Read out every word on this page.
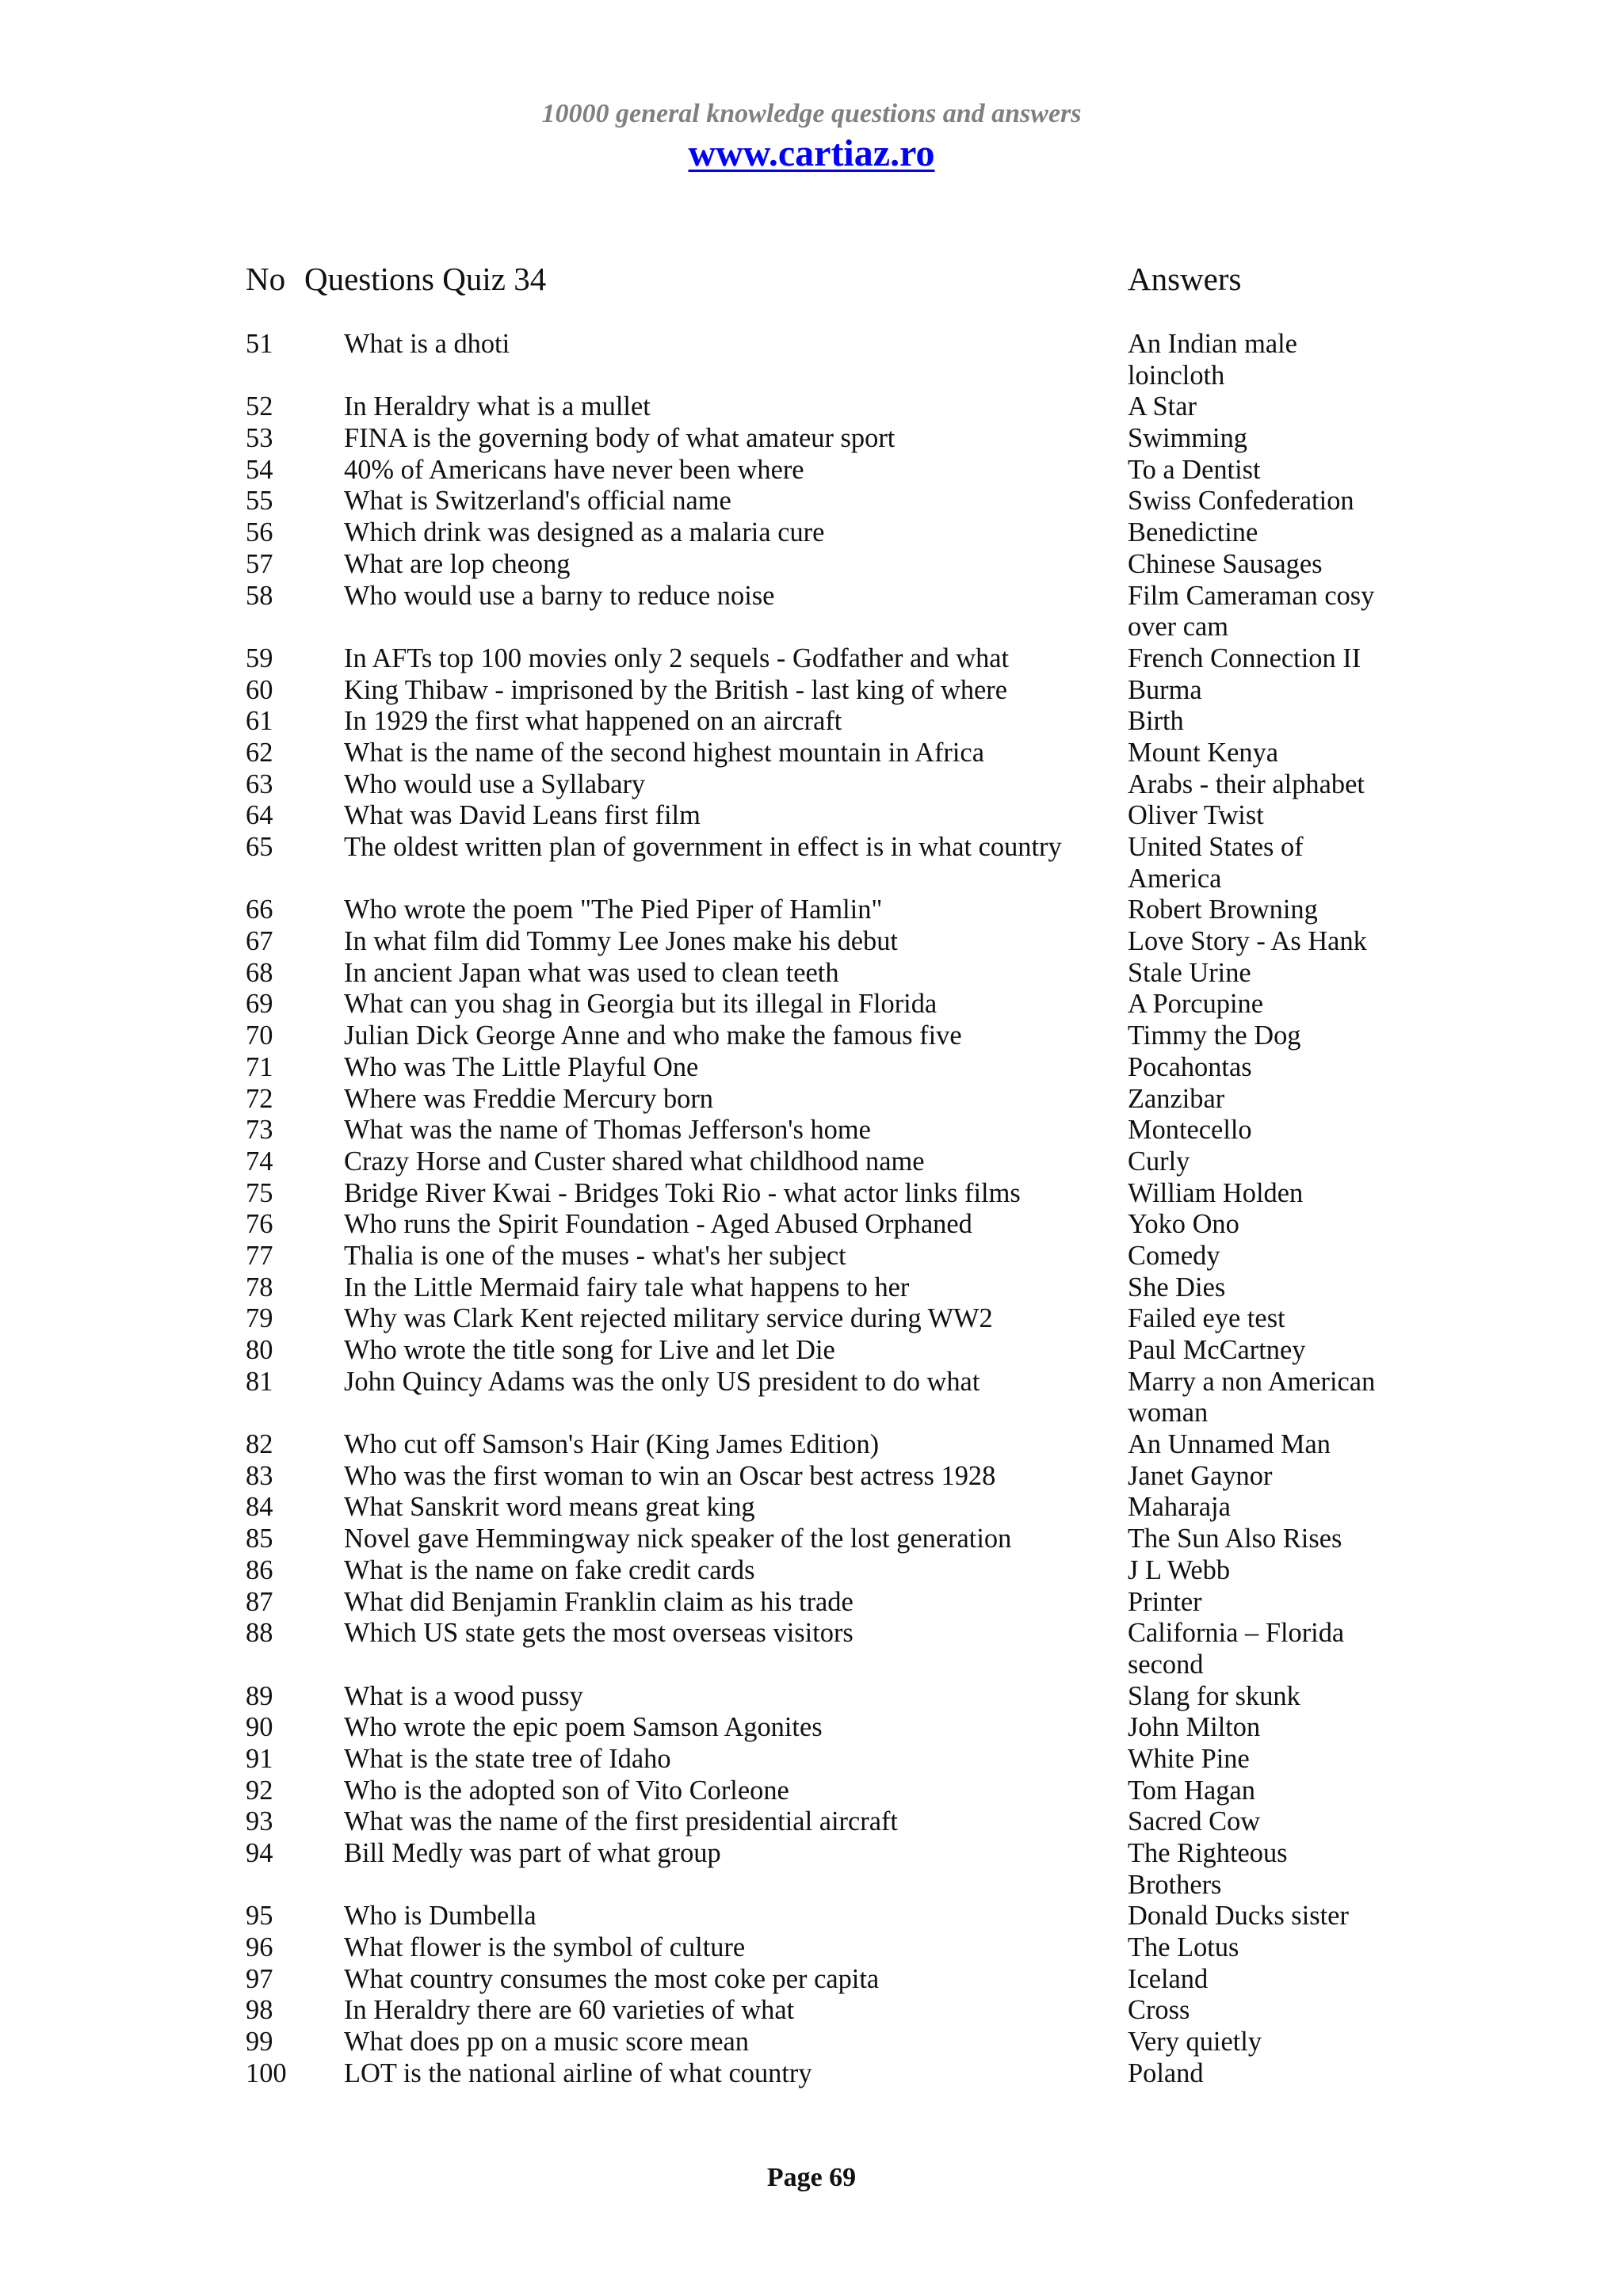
10000 general knowledge questions and answers
www.cartiaz.ro
No Questions Quiz 34	Answers
51	What is a dhoti	An Indian male loincloth
52	In Heraldry what is a mullet	A Star
53	FINA is the governing body of what amateur sport	Swimming
54	40% of Americans have never been where	To a Dentist
55	What is Switzerland's official name	Swiss Confederation
56	Which drink was designed as a malaria cure	Benedictine
57	What are lop cheong	Chinese Sausages
58	Who would use a barny to reduce noise	Film Cameraman cosy over cam
59	In AFTs top 100 movies only 2 sequels - Godfather and what	French Connection II
60	King Thibaw - imprisoned by the British - last king of where	Burma
61	In 1929 the first what happened on an aircraft	Birth
62	What is the name of the second highest mountain in Africa	Mount Kenya
63	Who would use a Syllabary	Arabs - their alphabet
64	What was David Leans first film	Oliver Twist
65	The oldest written plan of government in effect is in what country	United States of America
66	Who wrote the poem "The Pied Piper of Hamlin"	Robert Browning
67	In what film did Tommy Lee Jones make his debut	Love Story - As Hank
68	In ancient Japan what was used to clean teeth	Stale Urine
69	What can you shag in Georgia but its illegal in Florida	A Porcupine
70	Julian Dick George Anne and who make the famous five	Timmy the Dog
71	Who was The Little Playful One	Pocahontas
72	Where was Freddie Mercury born	Zanzibar
73	What was the name of Thomas Jefferson's home	Montecello
74	Crazy Horse and Custer shared what childhood name	Curly
75	Bridge River Kwai - Bridges Toki Rio - what actor links films	William Holden
76	Who runs the Spirit Foundation - Aged Abused Orphaned	Yoko Ono
77	Thalia is one of the muses - what's her subject	Comedy
78	In the Little Mermaid fairy tale what happens to her	She Dies
79	Why was Clark Kent rejected military service during WW2	Failed eye test
80	Who wrote the title song for Live and let Die	Paul McCartney
81	John Quincy Adams was the only US president to do what	Marry a non American woman
82	Who cut off Samson's Hair (King James Edition)	An Unnamed Man
83	Who was the first woman to win an Oscar best actress 1928	Janet Gaynor
84	What Sanskrit word means great king	Maharaja
85	Novel gave Hemmingway nick speaker of the lost generation	The Sun Also Rises
86	What is the name on fake credit cards	J L Webb
87	What did Benjamin Franklin claim as his trade	Printer
88	Which US state gets the most overseas visitors	California – Florida second
89	What is a wood pussy	Slang for skunk
90	Who wrote the epic poem Samson Agonites	John Milton
91	What is the state tree of Idaho	White Pine
92	Who is the adopted son of Vito Corleone	Tom Hagan
93	What was the name of the first presidential aircraft	Sacred Cow
94	Bill Medly was part of what group	The Righteous Brothers
95	Who is Dumbella	Donald Ducks sister
96	What flower is the symbol of culture	The Lotus
97	What country consumes the most coke per capita	Iceland
98	In Heraldry there are 60 varieties of what	Cross
99	What does pp on a music score mean	Very quietly
100	LOT is the national airline of what country	Poland
Page 69
